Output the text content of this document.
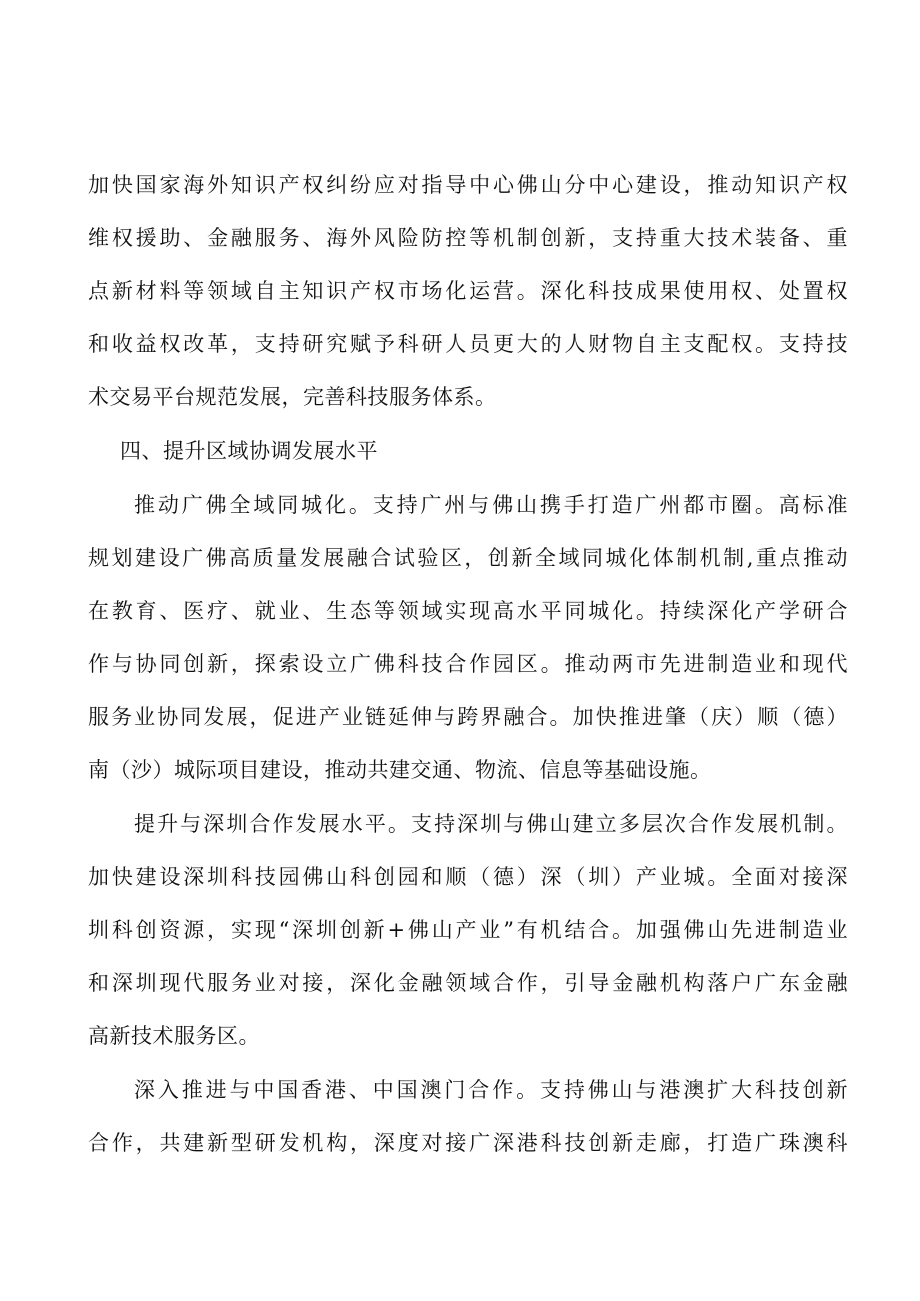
加快国家海外知识产权纠纷应对指导中心佛山分中心建设，推动知识产权
维权援助、金融服务、海外风险防控等机制创新，支持重大技术装备、重
点新材料等领域自主知识产权市场化运营。深化科技成果使用权、处置权
和收益权改革，支持研究赋予科研人员更大的人财物自主支配权。支持技
术交易平台规范发展，完善科技服务体系。
四、提升区域协调发展水平
推动广佛全域同城化。支持广州与佛山携手打造广州都市圈。高标准
规划建设广佛高质量发展融合试验区，创新全域同城化体制机制,重点推动
在教育、医疗、就业、生态等领域实现高水平同城化。持续深化产学研合
作与协同创新，探索设立广佛科技合作园区。推动两市先进制造业和现代
服务业协同发展，促进产业链延伸与跨界融合。加快推进肇（庆）顺（德）
南（沙）城际项目建设，推动共建交通、物流、信息等基础设施。
提升与深圳合作发展水平。支持深圳与佛山建立多层次合作发展机制。
加快建设深圳科技园佛山科创园和顺（德）深（圳）产业城。全面对接深
圳科创资源，实现“深圳创新+佛山产业”有机结合。加强佛山先进制造业
和深圳现代服务业对接，深化金融领域合作，引导金融机构落户广东金融
高新技术服务区。
深入推进与中国香港、中国澳门合作。支持佛山与港澳扩大科技创新
合作，共建新型研发机构，深度对接广深港科技创新走廊，打造广珠澳科
